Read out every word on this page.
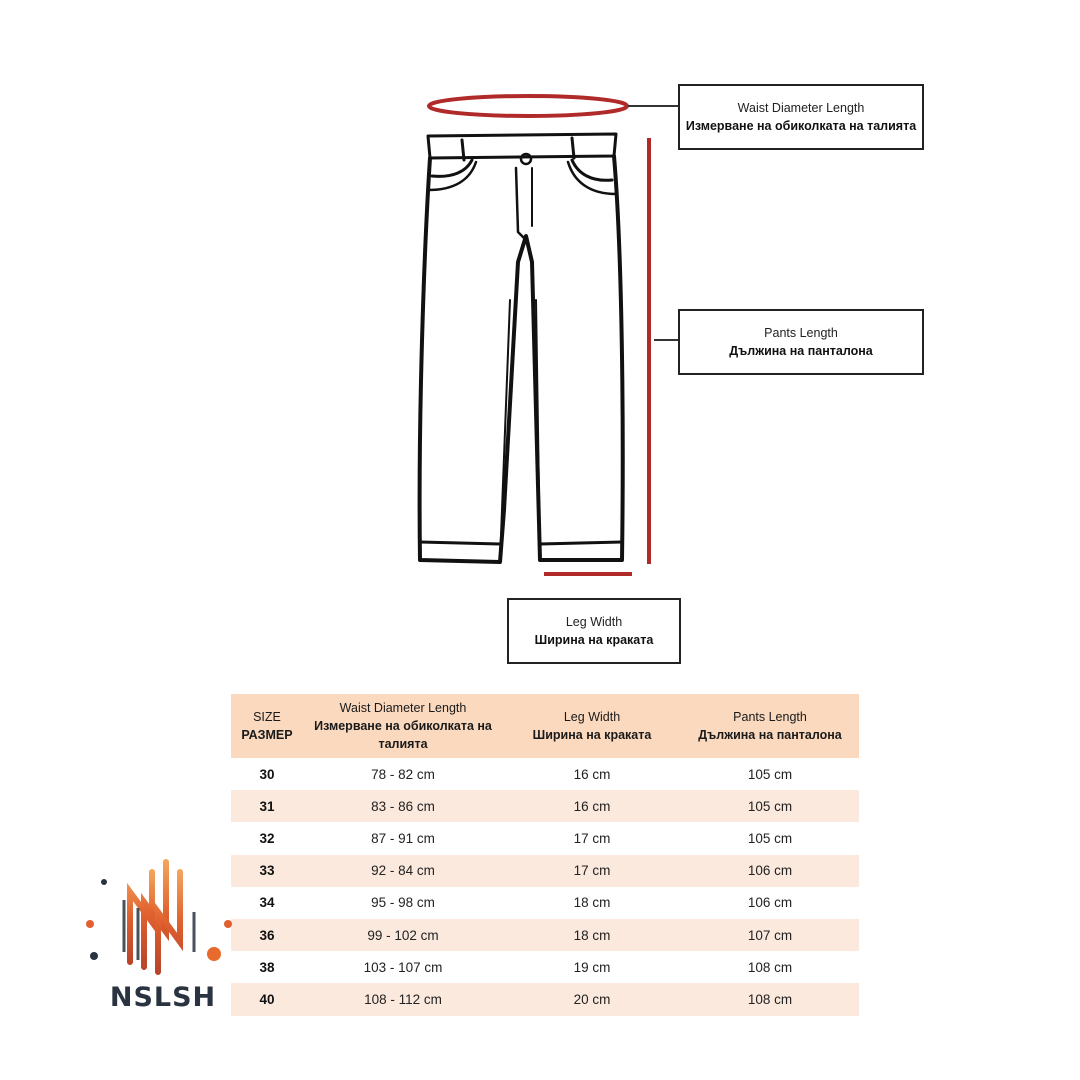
Waist Diameter Length
Измерване на обиколката на талията
Pants Length
Дължина на панталона
Leg Width
Ширина на краката
SIZE
РАЗМЕР	Waist Diameter Length
Измерване на обиколката на талията	Leg Width
Ширина на краката	Pants Length
Дължина на панталона

30	78 - 82 cm	16 cm	105 cm
31	83 - 86 cm	16 cm	105 cm
32	87 - 91 cm	17 cm	105 cm
33	92 - 84 cm	17 cm	106 cm
34	95 - 98 cm	18 cm	106 cm
36	99 - 102 cm	18 cm	107 cm
38	103 - 107 cm	19 cm	108 cm
40	108 - 112 cm	20 cm	108 cm
NSLSH
